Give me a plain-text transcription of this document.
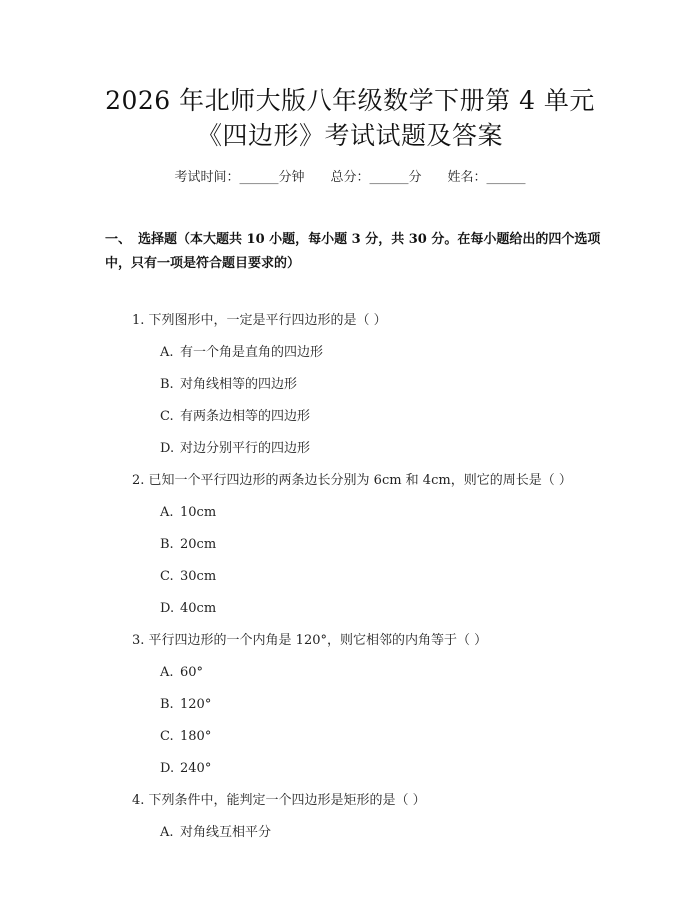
2026 年北师大版八年级数学下册第 4 单元
《四边形》考试试题及答案
考试时间：______分钟 总分：______分 姓名：______
一、 选择题（本大题共 10 小题，每小题 3 分，共 30 分。在每小题给出的四个选项中，只有一项是符合题目要求的）
1. 下列图形中，一定是平行四边形的是（ ）
A. 有一个角是直角的四边形
B. 对角线相等的四边形
C. 有两条边相等的四边形
D. 对边分别平行的四边形
2. 已知一个平行四边形的两条边长分别为 6cm 和 4cm，则它的周长是（ ）
A. 10cm
B. 20cm
C. 30cm
D. 40cm
3. 平行四边形的一个内角是 120°，则它相邻的内角等于（ ）
A. 60°
B. 120°
C. 180°
D. 240°
4. 下列条件中，能判定一个四边形是矩形的是（ ）
A. 对角线互相平分
